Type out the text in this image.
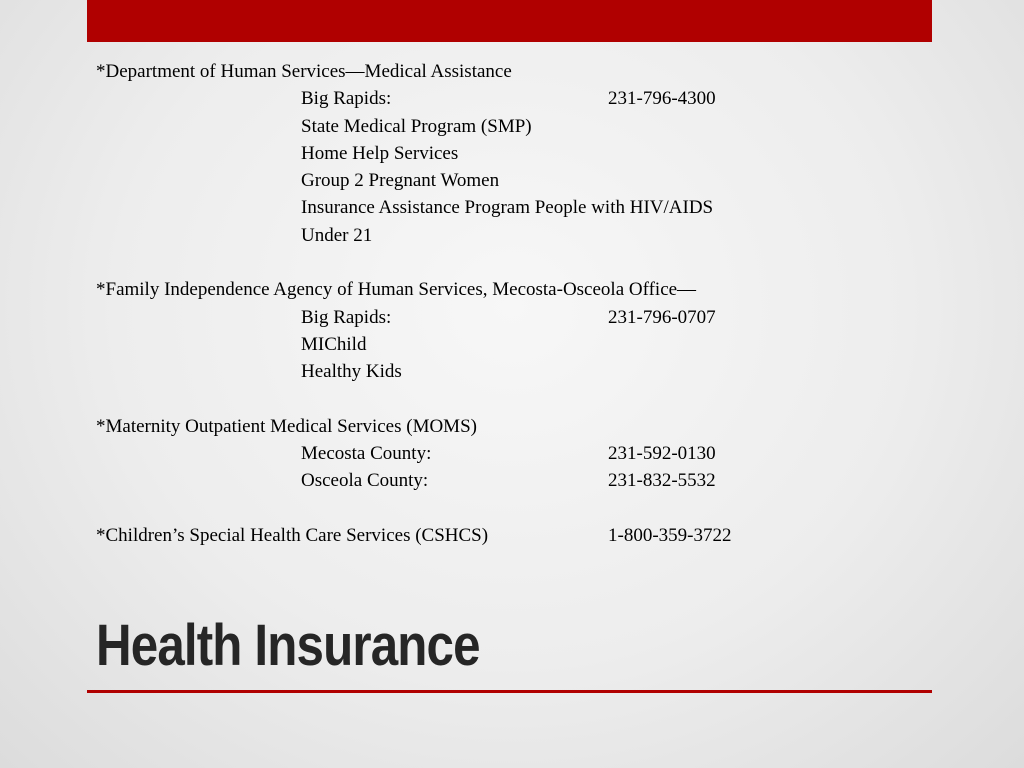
*Department of Human Services—Medical Assistance
Big Rapids:	231-796-4300
State Medical Program (SMP)
Home Help Services
Group 2 Pregnant Women
Insurance Assistance Program People with HIV/AIDS
Under 21
*Family Independence Agency of Human Services, Mecosta-Osceola Office—
Big Rapids:	231-796-0707
MIChild
Healthy Kids
*Maternity Outpatient Medical Services (MOMS)
Mecosta County:	231-592-0130
Osceola County:	231-832-5532
*Children’s Special Health Care Services (CSHCS)	1-800-359-3722
Health Insurance
